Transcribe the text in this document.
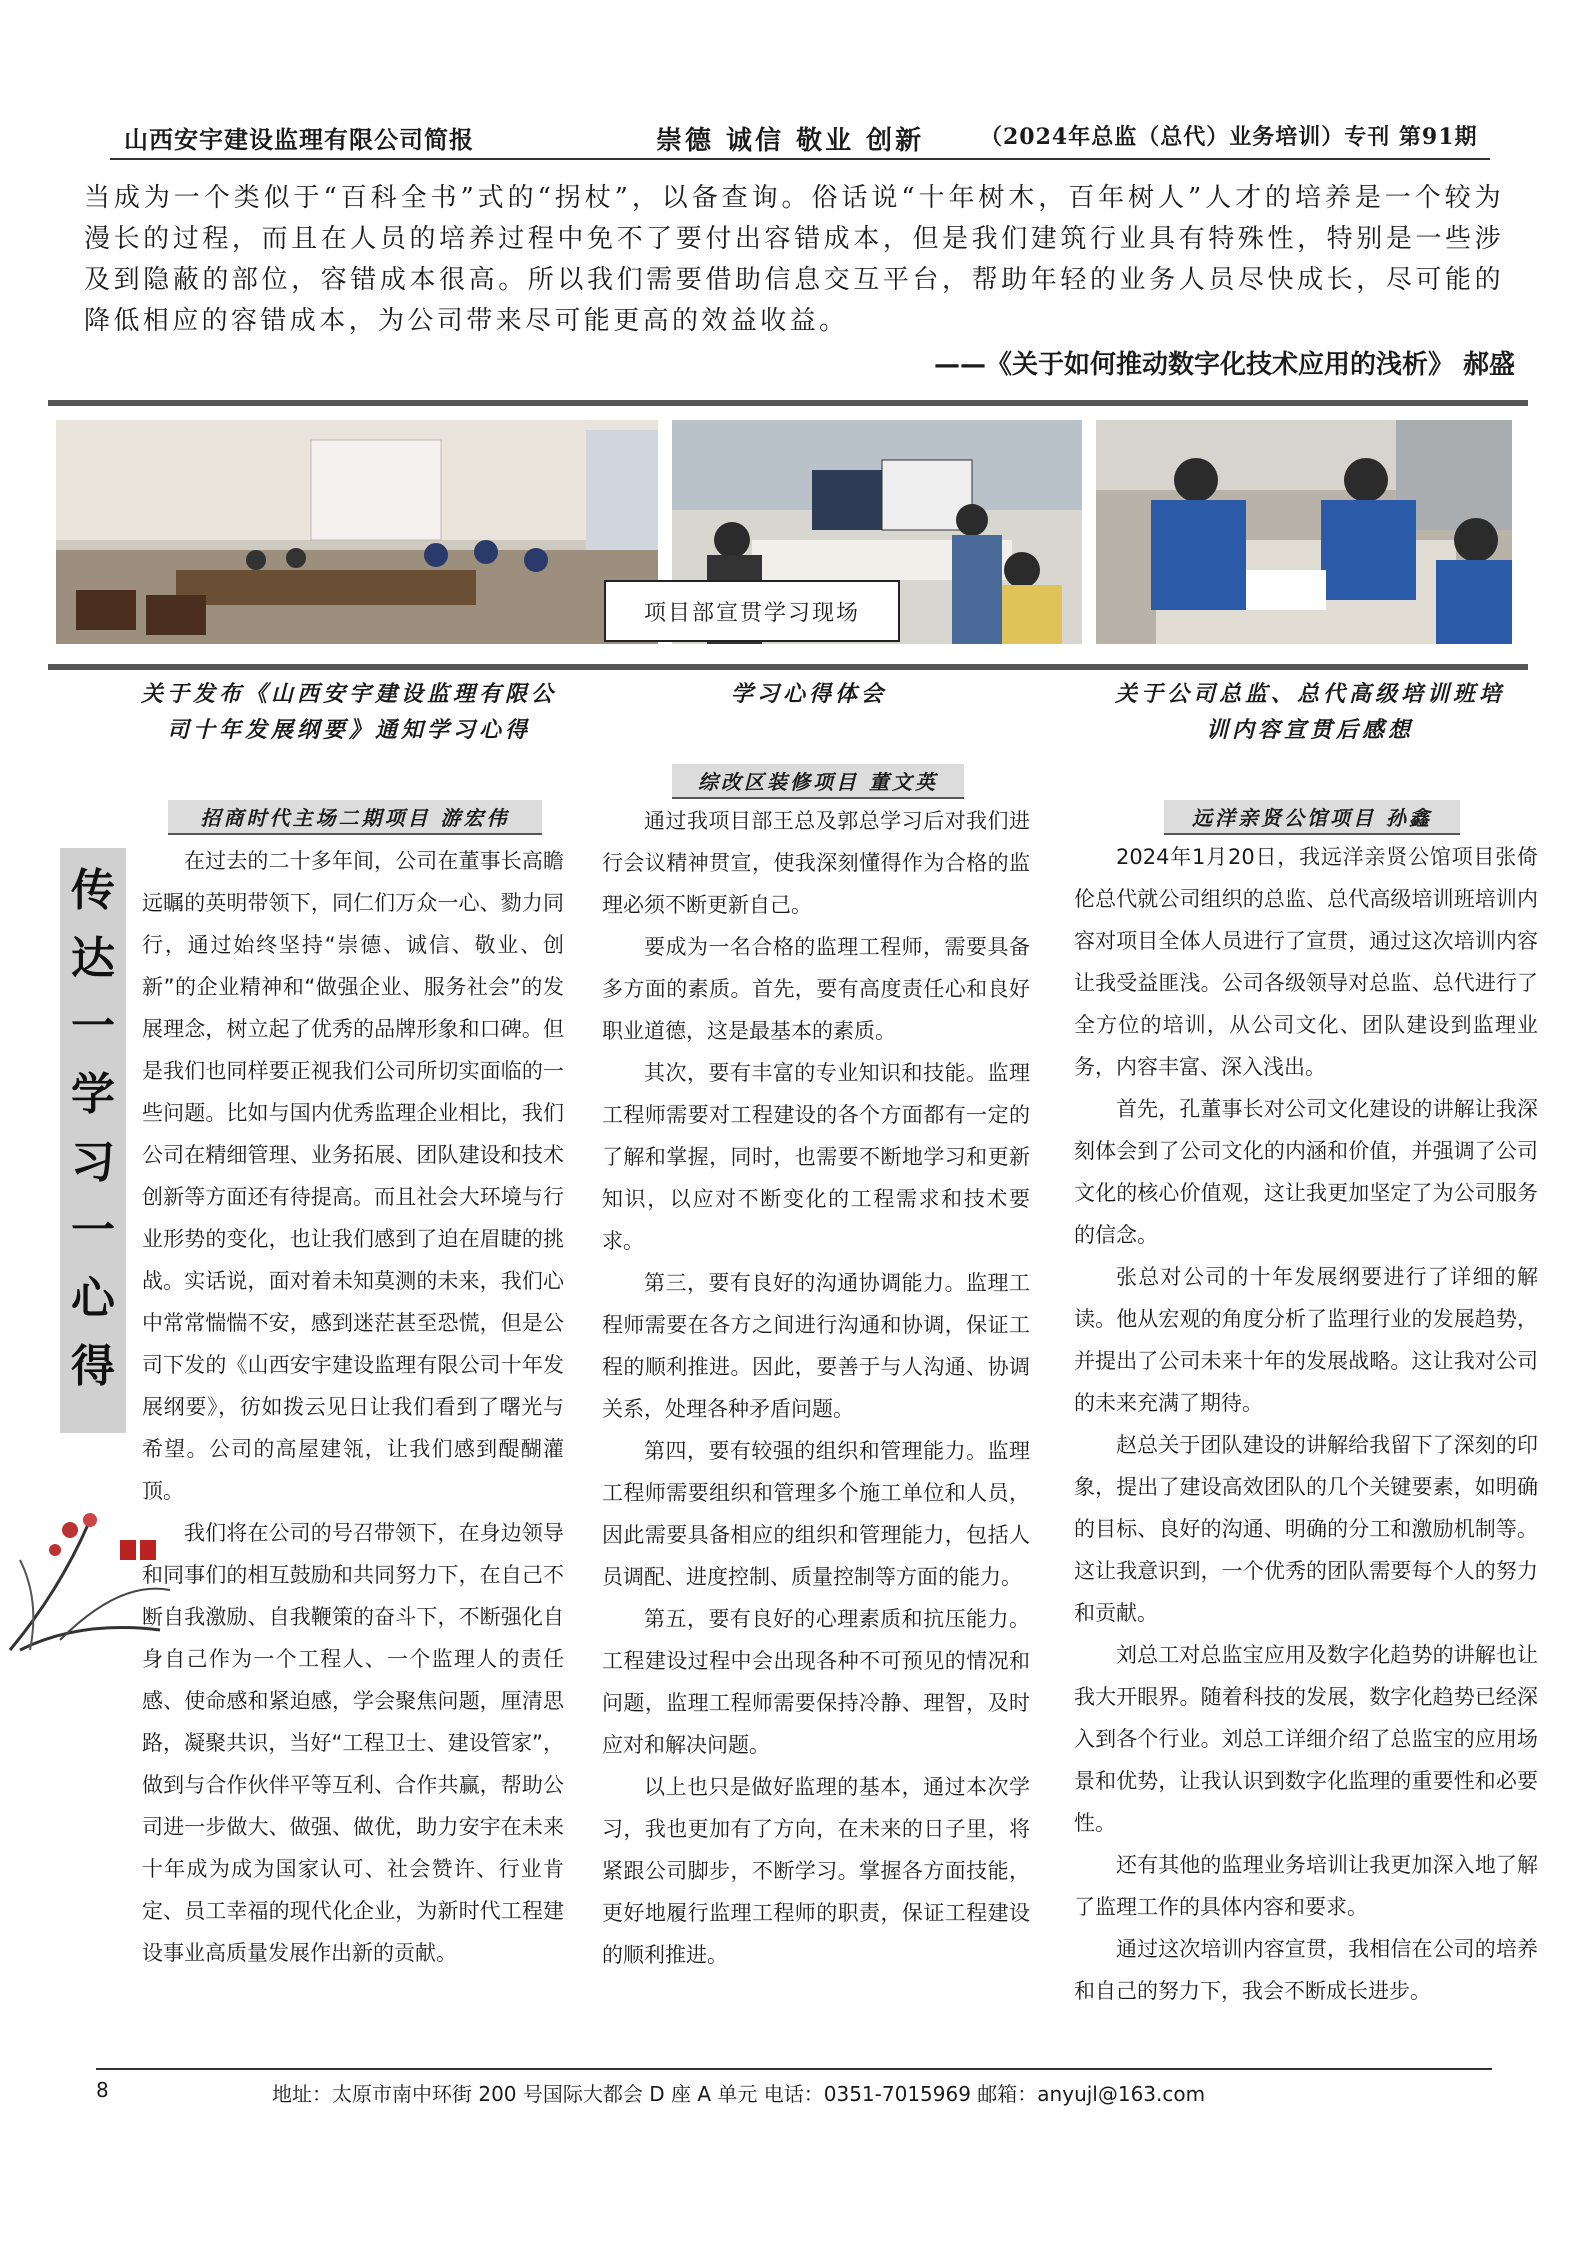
山西安宇建设监理有限公司简报	崇德 诚信 敬业 创新	（2024年总监（总代）业务培训）专刊 第91期

当成为一个类似于“百科全书”式的“拐杖”，以备查询。俗话说“十年树木，百年树人”人才的培养是一个较为漫长的过程，而且在人员的培养过程中免不了要付出容错成本，但是我们建筑行业具有特殊性，特别是一些涉及到隐蔽的部位，容错成本很高。所以我们需要借助信息交互平台，帮助年轻的业务人员尽快成长，尽可能的降低相应的容错成本，为公司带来尽可能更高的效益收益。

——《关于如何推动数字化技术应用的浅析》 郝盛
项目部宣贯学习现场
关于发布《山西安宇建设监理有限公司十年发展纲要》通知学习心得
学习心得体会	关于公司总监、总代高级培训班培训内容宣贯后感想
招商时代主场二期项目 游宏伟
综改区装修项目 董文英
远洋亲贤公馆项目 孙鑫
传
达
一
学
习
一
心
得

在过去的二十多年间，公司在董事长高瞻远瞩的英明带领下，同仁们万众一心、勠力同行，通过始终坚持“崇德、诚信、敬业、创新”的企业精神和“做强企业、服务社会”的发展理念，树立起了优秀的品牌形象和口碑。但是我们也同样要正视我们公司所切实面临的一些问题。比如与国内优秀监理企业相比，我们公司在精细管理、业务拓展、团队建设和技术创新等方面还有待提高。而且社会大环境与行业形势的变化，也让我们感到了迫在眉睫的挑战。实话说，面对着未知莫测的未来，我们心中常常惴惴不安，感到迷茫甚至恐慌，但是公司下发的《山西安宇建设监理有限公司十年发展纲要》，彷如拨云见日让我们看到了曙光与希望。公司的高屋建瓴，让我们感到醍醐灌顶。

我们将在公司的号召带领下，在身边领导和同事们的相互鼓励和共同努力下，在自己不断自我激励、自我鞭策的奋斗下，不断强化自身自己作为一个工程人、一个监理人的责任感、使命感和紧迫感，学会聚焦问题，厘清思路，凝聚共识，当好“工程卫士、建设管家”，做到与合作伙伴平等互利、合作共赢，帮助公司进一步做大、做强、做优，助力安宇在未来十年成为成为国家认可、社会赞许、行业肯定、员工幸福的现代化企业，为新时代工程建设事业高质量发展作出新的贡献。

通过我项目部王总及郭总学习后对我们进行会议精神贯宣，使我深刻懂得作为合格的监理必须不断更新自己。

要成为一名合格的监理工程师，需要具备多方面的素质。首先，要有高度责任心和良好职业道德，这是最基本的素质。

其次，要有丰富的专业知识和技能。监理工程师需要对工程建设的各个方面都有一定的了解和掌握，同时，也需要不断地学习和更新知识，以应对不断变化的工程需求和技术要求。

第三，要有良好的沟通协调能力。监理工程师需要在各方之间进行沟通和协调，保证工程的顺利推进。因此，要善于与人沟通、协调关系，处理各种矛盾问题。

第四，要有较强的组织和管理能力。监理工程师需要组织和管理多个施工单位和人员，因此需要具备相应的组织和管理能力，包括人员调配、进度控制、质量控制等方面的能力。

第五，要有良好的心理素质和抗压能力。工程建设过程中会出现各种不可预见的情况和问题，监理工程师需要保持冷静、理智，及时应对和解决问题。

以上也只是做好监理的基本，通过本次学习，我也更加有了方向，在未来的日子里，将紧跟公司脚步，不断学习。掌握各方面技能，更好地履行监理工程师的职责，保证工程建设的顺利推进。

2024年1月20日，我远洋亲贤公馆项目张倚伦总代就公司组织的总监、总代高级培训班培训内容对项目全体人员进行了宣贯，通过这次培训内容让我受益匪浅。公司各级领导对总监、总代进行了全方位的培训，从公司文化、团队建设到监理业务，内容丰富、深入浅出。

首先，孔董事长对公司文化建设的讲解让我深刻体会到了公司文化的内涵和价值，并强调了公司文化的核心价值观，这让我更加坚定了为公司服务的信念。

张总对公司的十年发展纲要进行了详细的解读。他从宏观的角度分析了监理行业的发展趋势，并提出了公司未来十年的发展战略。这让我对公司的未来充满了期待。

赵总关于团队建设的讲解给我留下了深刻的印象，提出了建设高效团队的几个关键要素，如明确的目标、良好的沟通、明确的分工和激励机制等。这让我意识到，一个优秀的团队需要每个人的努力和贡献。

刘总工对总监宝应用及数字化趋势的讲解也让我大开眼界。随着科技的发展，数字化趋势已经深入到各个行业。刘总工详细介绍了总监宝的应用场景和优势，让我认识到数字化监理的重要性和必要性。

还有其他的监理业务培训让我更加深入地了解了监理工作的具体内容和要求。

通过这次培训内容宣贯，我相信在公司的培养和自己的努力下，我会不断成长进步。

8	地址：太原市南中环街 200 号国际大都会 D 座 A 单元 电话：0351-7015969 邮箱：anyujl@163.com
